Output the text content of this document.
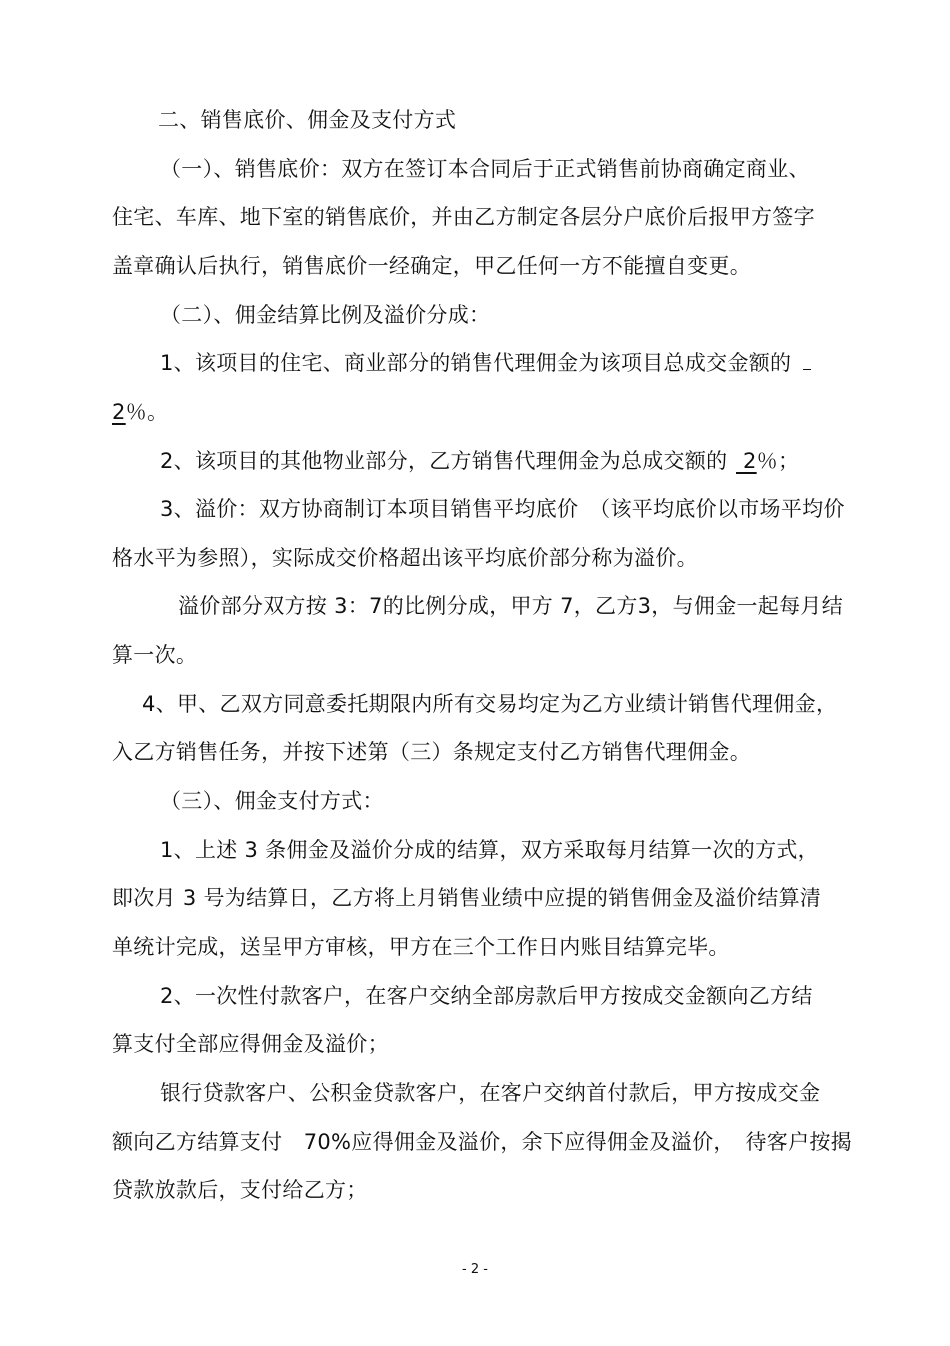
二、销售底价、佣金及支付方式
（一）、销售底价：双方在签订本合同后于正式销售前协商确定商业、
住宅、车库、地下室的销售底价，并由乙方制定各层分户底价后报甲方签字
盖章确认后执行，销售底价一经确定，甲乙任何一方不能擅自变更。
（二）、佣金结算比例及溢价分成：
1、该项目的住宅、商业部分的销售代理佣金为该项目总成交金额的
2％。
2、该项目的其他物业部分，乙方销售代理佣金为总成交额的 2％；
3、溢价：双方协商制订本项目销售平均底价　（该平均底价以市场平均价
格水平为参照），实际成交价格超出该平均底价部分称为溢价。
溢价部分双方按 3：7的比例分成，甲方 7，乙方3，与佣金一起每月结
算一次。
4、甲、乙双方同意委托期限内所有交易均定为乙方业绩计销售代理佣金，
入乙方销售任务，并按下述第（三）条规定支付乙方销售代理佣金。
（三）、佣金支付方式：
1、上述 3 条佣金及溢价分成的结算，双方采取每月结算一次的方式，
即次月 3 号为结算日，乙方将上月销售业绩中应提的销售佣金及溢价结算清
单统计完成，送呈甲方审核，甲方在三个工作日内账目结算完毕。
2、一次性付款客户，在客户交纳全部房款后甲方按成交金额向乙方结
算支付全部应得佣金及溢价；
银行贷款客户、公积金贷款客户，在客户交纳首付款后，甲方按成交金
额向乙方结算支付　70%应得佣金及溢价，余下应得佣金及溢价，　待客户按揭
贷款放款后，支付给乙方；
- 2 -
